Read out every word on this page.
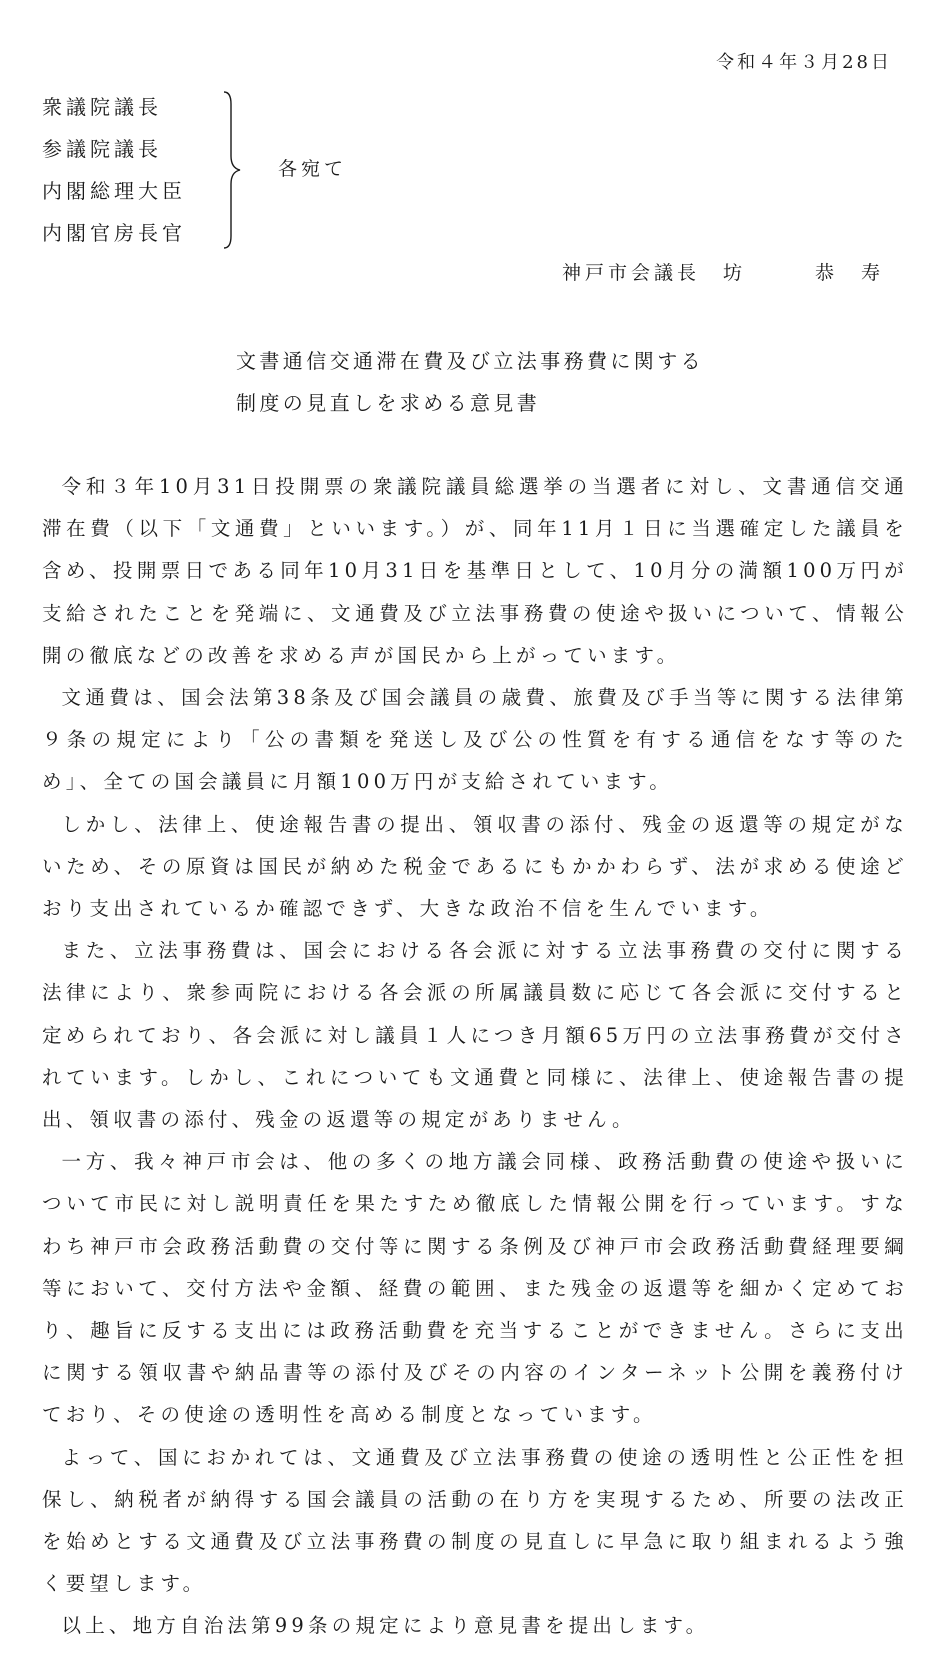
令和４年３月28日
衆議院議長
参議院議長
内閣総理大臣
内閣官房長官
各宛て
神戸市会議長　坊　　　恭　寿
文書通信交通滞在費及び立法事務費に関する
制度の見直しを求める意見書

令和３年10月31日投開票の衆議院議員総選挙の当選者に対し、文書通信交通滞在費（以下「文通費」といいます。）が、同年11月１日に当選確定した議員を含め、投開票日である同年10月31日を基準日として、10月分の満額100万円が支給されたことを発端に、文通費及び立法事務費の使途や扱いについて、情報公開の徹底などの改善を求める声が国民から上がっています。

文通費は、国会法第38条及び国会議員の歳費、旅費及び手当等に関する法律第９条の規定により「公の書類を発送し及び公の性質を有する通信をなす等のため」、全ての国会議員に月額100万円が支給されています。

しかし、法律上、使途報告書の提出、領収書の添付、残金の返還等の規定がないため、その原資は国民が納めた税金であるにもかかわらず、法が求める使途どおり支出されているか確認できず、大きな政治不信を生んでいます。

また、立法事務費は、国会における各会派に対する立法事務費の交付に関する法律により、衆参両院における各会派の所属議員数に応じて各会派に交付すると定められており、各会派に対し議員１人につき月額65万円の立法事務費が交付されています。しかし、これについても文通費と同様に、法律上、使途報告書の提出、領収書の添付、残金の返還等の規定がありません。

一方、我々神戸市会は、他の多くの地方議会同様、政務活動費の使途や扱いについて市民に対し説明責任を果たすため徹底した情報公開を行っています。すなわち神戸市会政務活動費の交付等に関する条例及び神戸市会政務活動費経理要綱等において、交付方法や金額、経費の範囲、また残金の返還等を細かく定めており、趣旨に反する支出には政務活動費を充当することができません。さらに支出に関する領収書や納品書等の添付及びその内容のインターネット公開を義務付けており、その使途の透明性を高める制度となっています。

よって、国におかれては、文通費及び立法事務費の使途の透明性と公正性を担保し、納税者が納得する国会議員の活動の在り方を実現するため、所要の法改正を始めとする文通費及び立法事務費の制度の見直しに早急に取り組まれるよう強く要望します。

以上、地方自治法第99条の規定により意見書を提出します。
